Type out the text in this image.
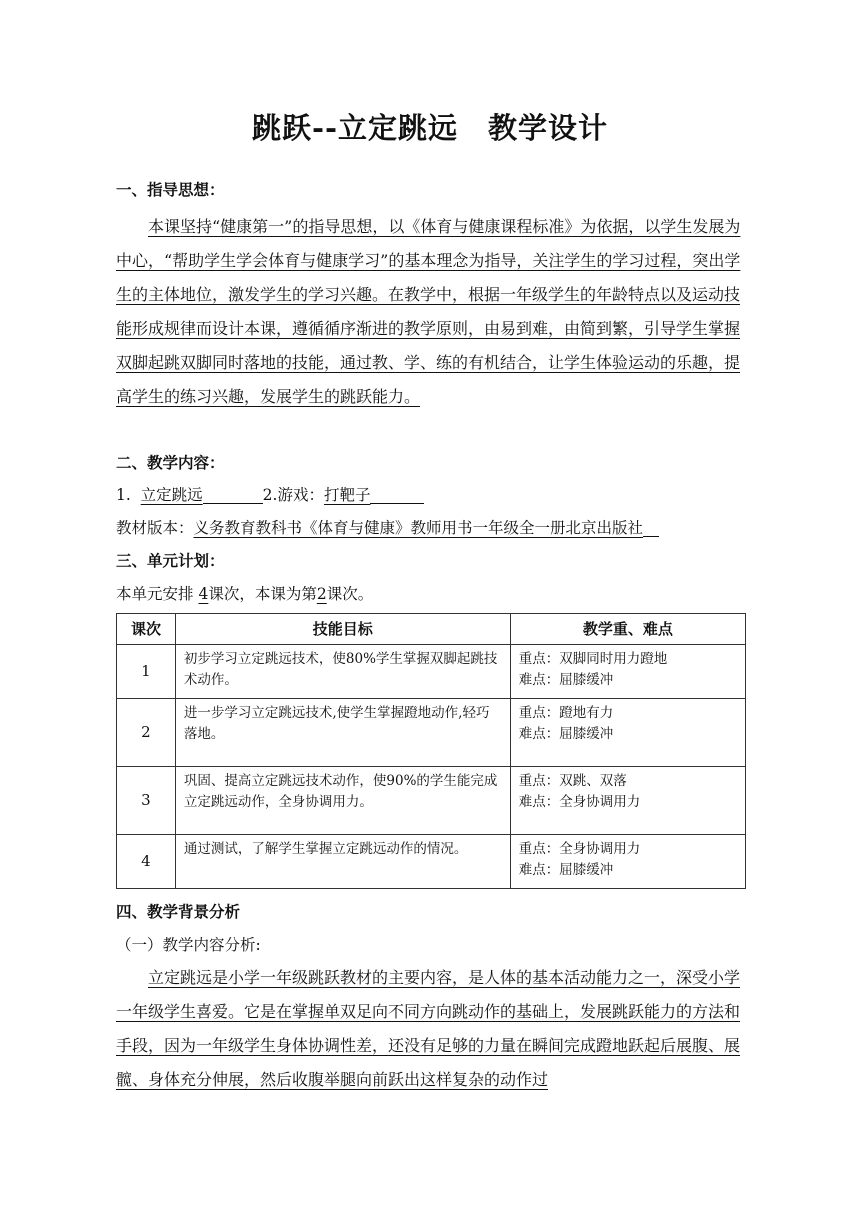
跳跃--立定跳远　教学设计
一、指导思想：
本课坚持“健康第一”的指导思想，以《体育与健康课程标准》为依据，以学生发展为中心，“帮助学生学会体育与健康学习”的基本理念为指导，关注学生的学习过程，突出学生的主体地位，激发学生的学习兴趣。在教学中，根据一年级学生的年龄特点以及运动技能形成规律而设计本课，遵循循序渐进的教学原则，由易到难，由简到繁，引导学生掌握双脚起跳双脚同时落地的技能，通过教、学、练的有机结合，让学生体验运动的乐趣，提高学生的练习兴趣，发展学生的跳跃能力。
二、教学内容：
1. 立定跳远	2.游戏：打靶子
教材版本：义务教育教科书《体育与健康》教师用书一年级全一册北京出版社
三、单元计划：
本单元安排 4课次，本课为第2课次。
课次	技能目标	教学重、难点
1	初步学习立定跳远技术，使80%学生掌握双脚起跳技术动作。	重点：双脚同时用力蹬地
难点：屈膝缓冲

2	进一步学习立定跳远技术,使学生掌握蹬地动作,轻巧落地。	重点：蹬地有力
难点：屈膝缓冲

3	巩固、提高立定跳远技术动作，使90%的学生能完成立定跳远动作，全身协调用力。	重点：双跳、双落
难点：全身协调用力

4	通过测试，了解学生掌握立定跳远动作的情况。	重点：全身协调用力
难点：屈膝缓冲
四、教学背景分析
（一）教学内容分析:
立定跳远是小学一年级跳跃教材的主要内容，是人体的基本活动能力之一，深受小学一年级学生喜爱。它是在掌握单双足向不同方向跳动作的基础上，发展跳跃能力的方法和手段，因为一年级学生身体协调性差，还没有足够的力量在瞬间完成蹬地跃起后展腹、展髋、身体充分伸展，然后收腹举腿向前跃出这样复杂的动作过
